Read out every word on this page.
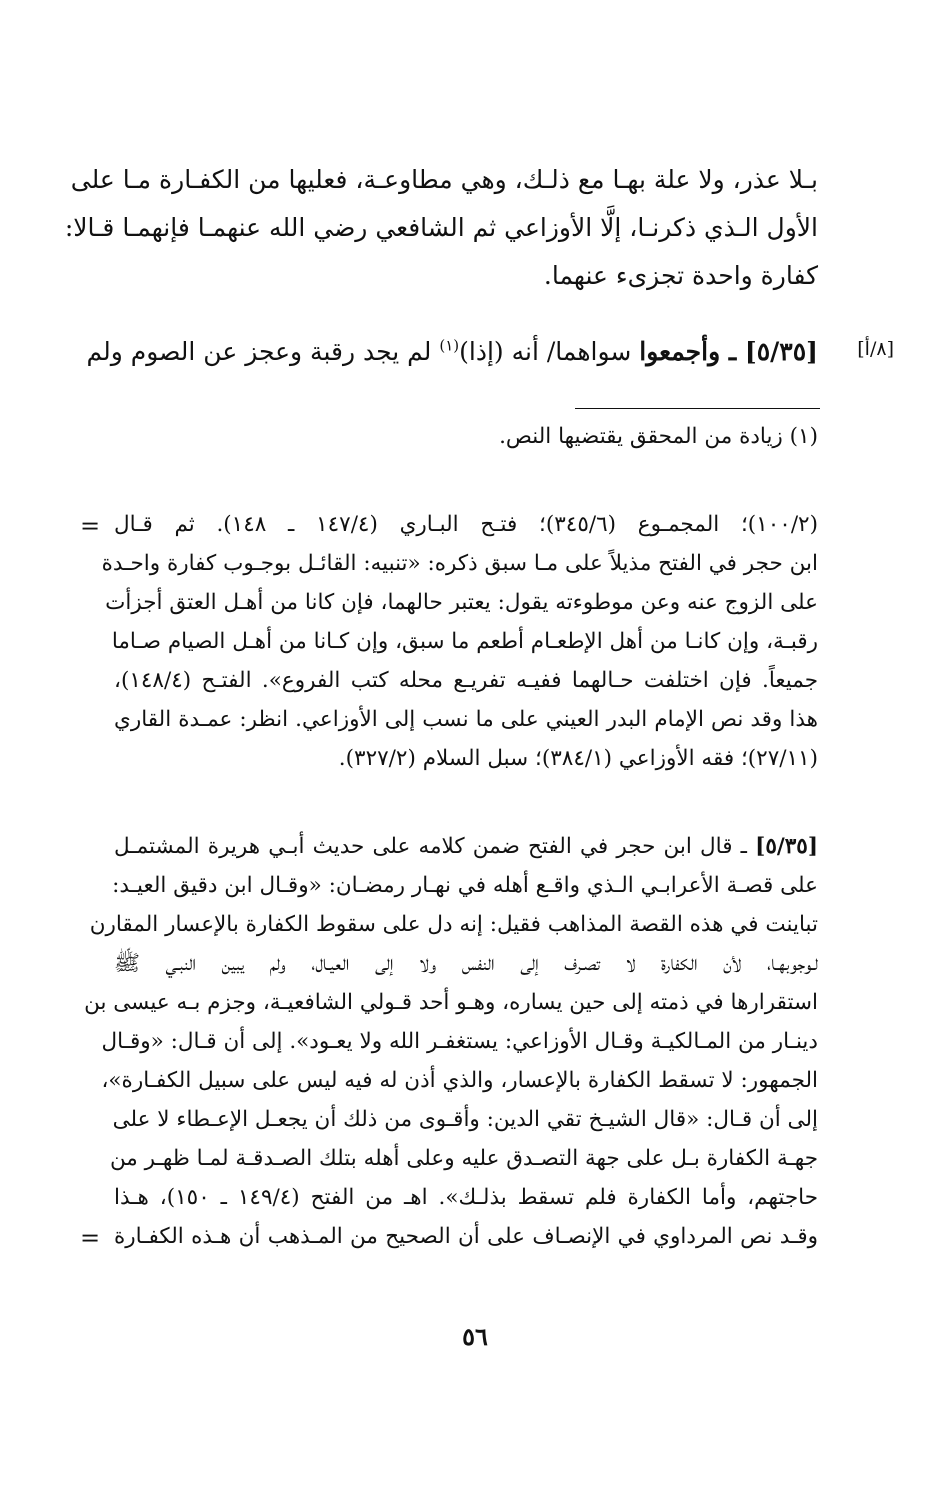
بـلا عذر، ولا علة بهـا مع ذلـك، وهي مطاوعـة، فعليها من الكفـارة مـا على
الأول الـذي ذكرنـا، إلَّا الأوزاعي ثم الشافعي رضي الله عنهمـا فإنهمـا قـالا:
كفارة واحدة تجزىء عنهما.
[٨/أ]
[٥/٣٥] ـ وأجمعوا سواهما/ أنه (إذا)$^{(١)}$ لم يجد رقبة وعجز عن الصوم ولم
(١) زيادة من المحقق يقتضيها النص.
= (١٠٠/٢)؛ المجمـوع (٣٤٥/٦)؛ فتـح البـاري (١٤٧/٤ ـ ١٤٨). ثم قـال
ابن حجر في الفتح مذيلاً على مـا سبق ذكره: «تنبيه: القائـل بوجـوب كفارة واحـدة
على الزوج عنه وعن موطوءته يقول: يعتبر حالهما، فإن كانا من أهـل العتق أجزأت
رقبـة، وإن كانـا من أهل الإطعـام أطعم ما سبق، وإن كـانا من أهـل الصيام صـاما
جميعاً. فإن اختلفت حـالهما ففيـه تفريـع محله كتب الفروع». الفتـح (١٤٨/٤)،
هذا وقد نص الإمام البدر العيني على ما نسب إلى الأوزاعي. انظر: عمـدة القاري
(٢٧/١١)؛ فقه الأوزاعي (٣٨٤/١)؛ سبل السلام (٣٢٧/٢).
[٥/٣٥] ـ قال ابن حجر في الفتح ضمن كلامه على حديث أبـي هريرة المشتمـل
على قصـة الأعرابـي الـذي واقـع أهله في نهـار رمضـان: «وقـال ابن دقيق العيـد:
تباينت في هذه القصة المذاهب فقيل: إنه دل على سقوط الكفارة بالإعسار المقارن
لـوجوبهـا، لأن الكفارة لا تصـرف إلى النفس ولا إلى العيـال، ولم يبين النبـي ﷺ
استقرارها في ذمته إلى حين يساره، وهـو أحد قـولي الشافعيـة، وجزم بـه عيسى بن
دينـار من المـالكيـة وقـال الأوزاعي: يستغفـر الله ولا يعـود». إلى أن قـال: «وقـال
الجمهور: لا تسقط الكفارة بالإعسار، والذي أذن له فيه ليس على سبيل الكفـارة»،
إلى أن قـال: «قال الشيـخ تقي الدين: وأقـوى من ذلك أن يجعـل الإعـطاء لا على
جهـة الكفارة بـل على جهة التصـدق عليه وعلى أهله بتلك الصـدقـة لمـا ظهـر من
حاجتهم، وأما الكفارة فلم تسقط بذلـك». اهـ من الفتح (١٤٩/٤ ـ ١٥٠)، هـذا
وقـد نص المرداوي في الإنصـاف على أن الصحيح من المـذهب أن هـذه الكفـارة
=
٥٦
